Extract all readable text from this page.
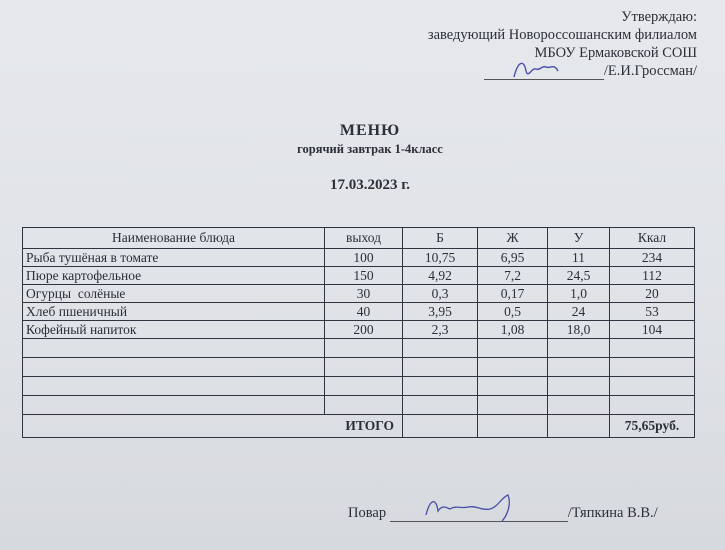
Утверждаю:
заведующий Новороссошанским филиалом
МБОУ Ермаковской СОШ
/Е.И.Гроссман/
МЕНЮ
горячий завтрак 1-4класс
17.03.2023 г.
Наименование блюда	выход	Б	Ж	У	Ккал
Рыба тушёная в томате	100	10,75	6,95	11	234
Пюре картофельное	150	4,92	7,2	24,5	112
Огурцы  солёные	30	0,3	0,17	1,0	20
Хлеб пшеничный	40	3,95	0,5	24	53
Кофейный напиток	200	2,3	1,08	18,0	104

ИТОГО					75,65руб.
Повар	/Тяпкина В.В./
